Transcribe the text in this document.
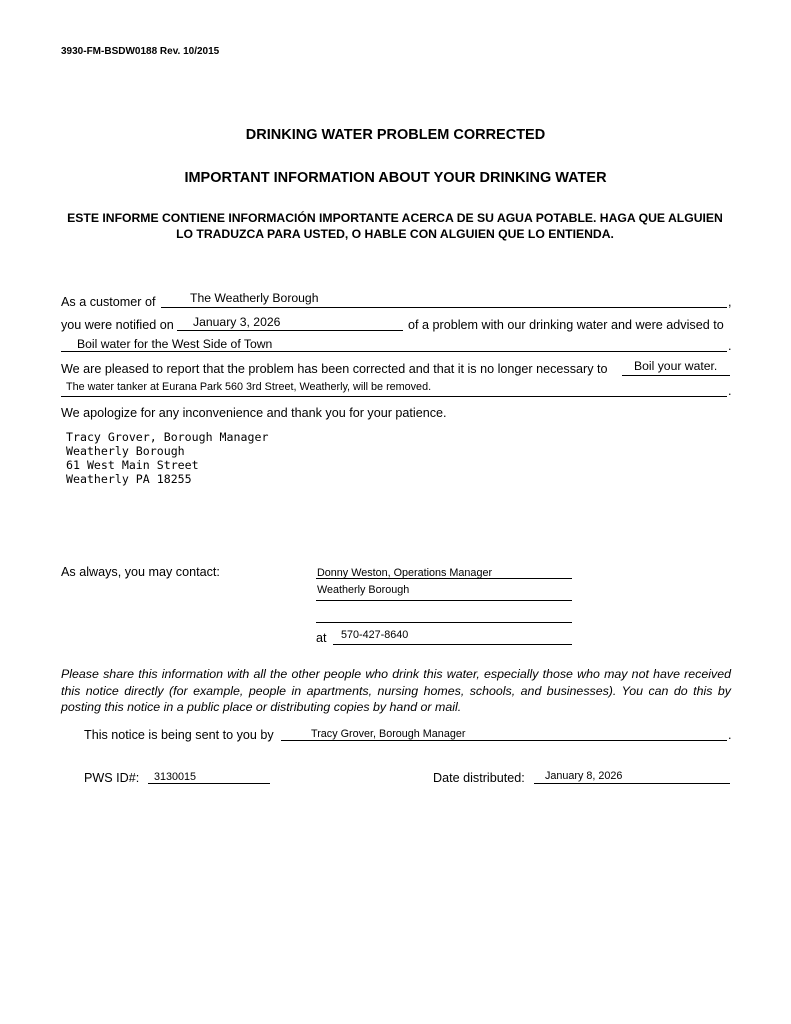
3930-FM-BSDW0188 Rev. 10/2015
DRINKING WATER PROBLEM CORRECTED
IMPORTANT INFORMATION ABOUT YOUR DRINKING WATER
ESTE INFORME CONTIENE INFORMACIÓN IMPORTANTE ACERCA DE SU AGUA POTABLE. HAGA QUE ALGUIEN LO TRADUZCA PARA USTED, O HABLE CON ALGUIEN QUE LO ENTIENDA.
As a customer of	The Weatherly Borough	,
you were notified on January 3, 2026	of a problem with our drinking water and were advised to
Boil water for the West Side of Town	.
We are pleased to report that the problem has been corrected and that it is no longer necessary to Boil your water.
The water tanker at Eurana Park 560 3rd Street, Weatherly, will be removed.	.
We apologize for any inconvenience and thank you for your patience.
Tracy Grover, Borough Manager
Weatherly Borough
61 West Main Street
Weatherly PA 18255
As always, you may contact:	Donny Weston, Operations Manager
Weatherly Borough
at 570-427-8640
Please share this information with all the other people who drink this water, especially those who may not have received this notice directly (for example, people in apartments, nursing homes, schools, and businesses). You can do this by posting this notice in a public place or distributing copies by hand or mail.
This notice is being sent to you by	Tracy Grover, Borough Manager	.
PWS ID#: 3130015	Date distributed: January 8, 2026
